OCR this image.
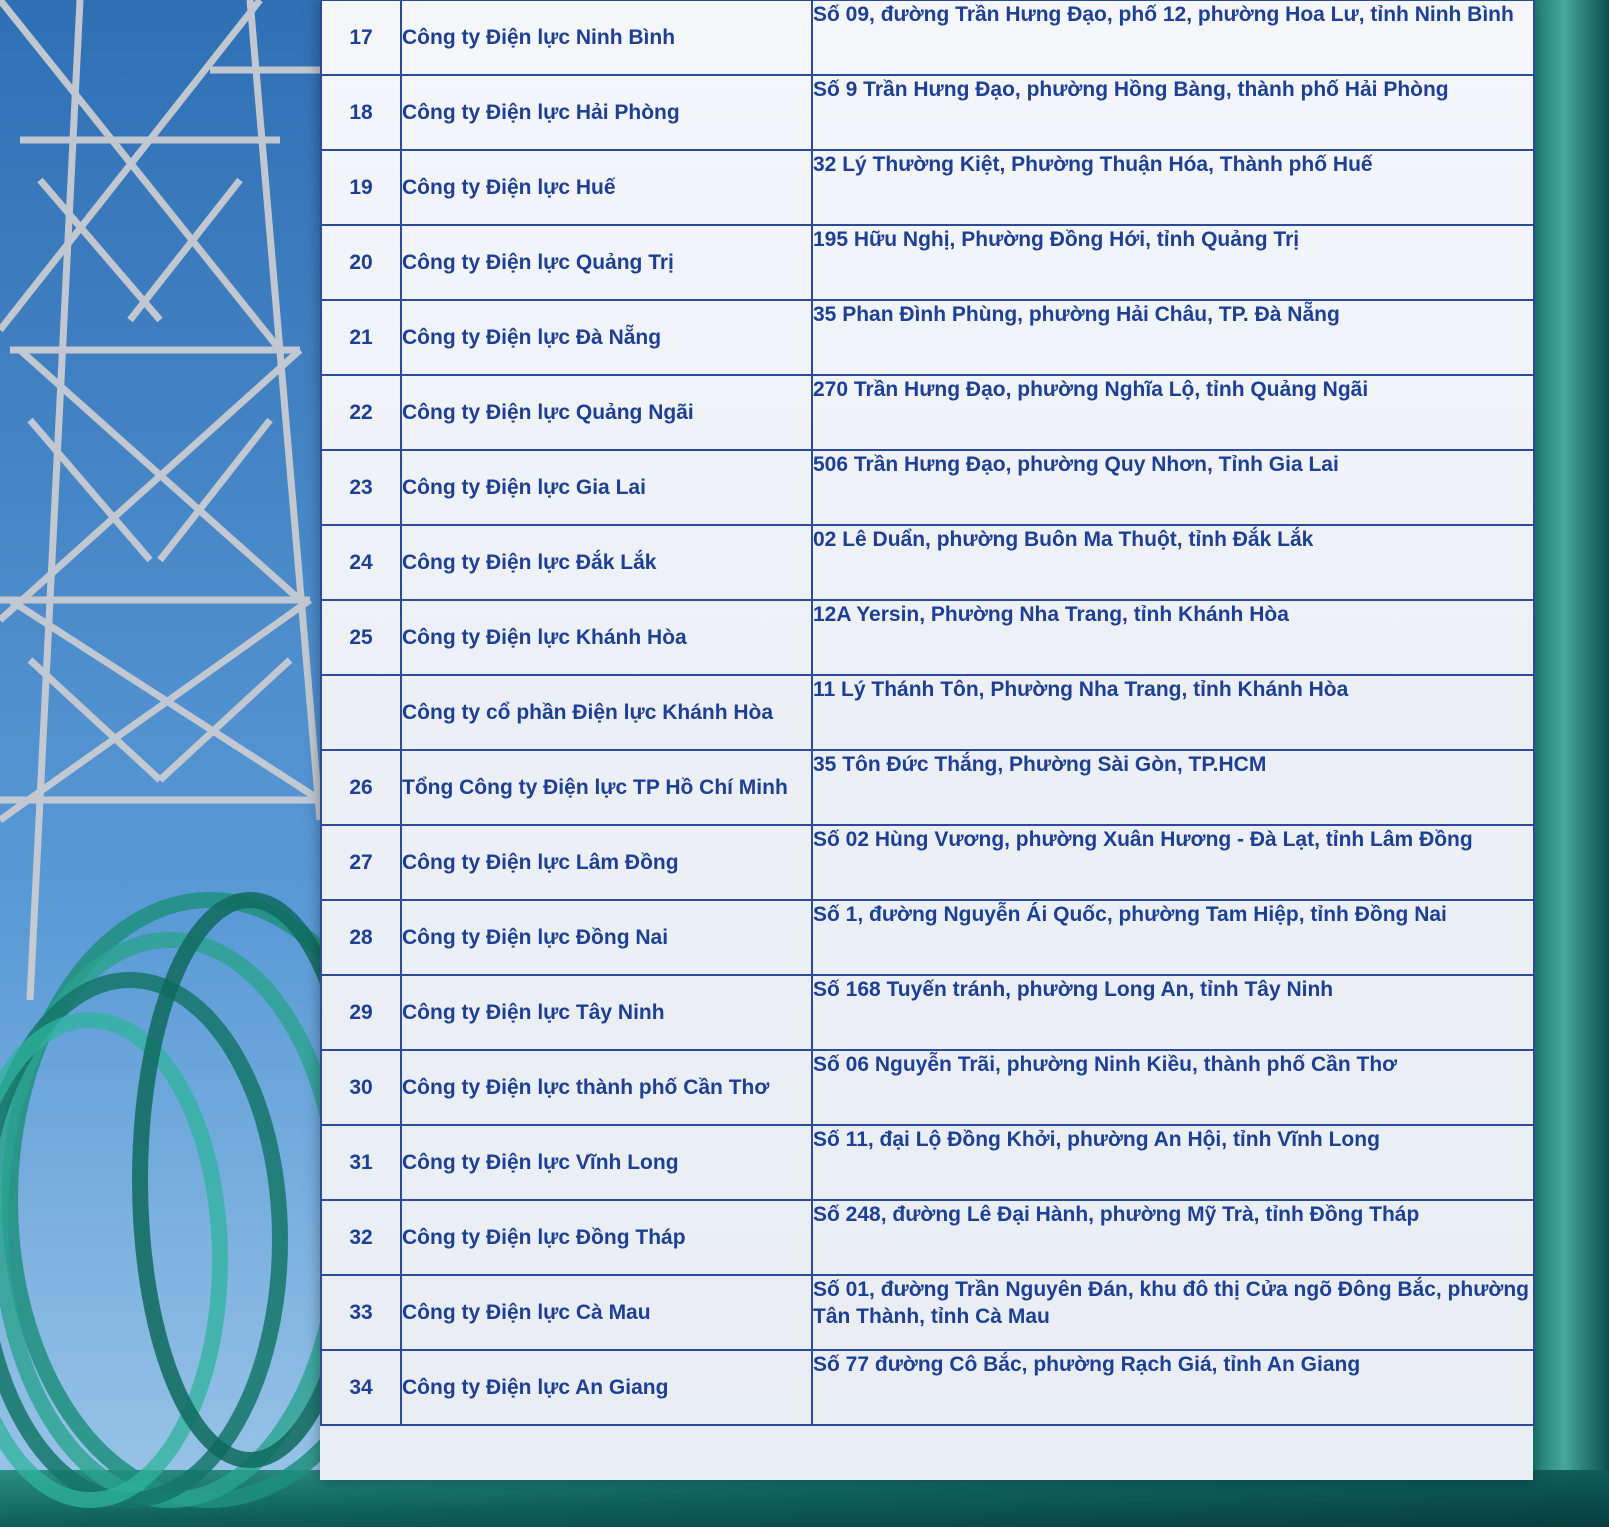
17	Công ty Điện lực Ninh Bình	Số 09, đường Trần Hưng Đạo, phố 12, phường Hoa Lư, tỉnh Ninh Bình
18	Công ty Điện lực Hải Phòng	Số 9 Trần Hưng Đạo, phường Hồng Bàng, thành phố Hải Phòng
19	Công ty Điện lực Huế	32 Lý Thường Kiệt, Phường Thuận Hóa, Thành phố Huế
20	Công ty Điện lực Quảng Trị	195 Hữu Nghị, Phường Đồng Hới, tỉnh Quảng Trị
21	Công ty Điện lực Đà Nẵng	35 Phan Đình Phùng, phường Hải Châu, TP. Đà Nẵng
22	Công ty Điện lực Quảng Ngãi	270 Trần Hưng Đạo, phường Nghĩa Lộ, tỉnh Quảng Ngãi
23	Công ty Điện lực Gia Lai	506 Trần Hưng Đạo, phường Quy Nhơn, Tỉnh Gia Lai
24	Công ty Điện lực Đắk Lắk	02 Lê Duẩn, phường Buôn Ma Thuột, tỉnh Đắk Lắk
25	Công ty Điện lực Khánh Hòa	12A Yersin, Phường Nha Trang, tỉnh Khánh Hòa
	Công ty cổ phần Điện lực Khánh Hòa	11 Lý Thánh Tôn, Phường Nha Trang, tỉnh Khánh Hòa
26	Tổng Công ty Điện lực TP Hồ Chí Minh	35 Tôn Đức Thắng, Phường Sài Gòn, TP.HCM
27	Công ty Điện lực Lâm Đồng	Số 02 Hùng Vương, phường Xuân Hương - Đà Lạt, tỉnh Lâm Đồng
28	Công ty Điện lực Đồng Nai	Số 1, đường Nguyễn Ái Quốc, phường Tam Hiệp, tỉnh Đồng Nai
29	Công ty Điện lực Tây Ninh	Số 168 Tuyến tránh, phường Long An, tỉnh Tây Ninh
30	Công ty Điện lực thành phố Cần Thơ	Số 06 Nguyễn Trãi, phường Ninh Kiều, thành phố Cần Thơ
31	Công ty Điện lực Vĩnh Long	Số 11, đại Lộ Đồng Khởi, phường An Hội, tỉnh Vĩnh Long
32	Công ty Điện lực Đồng Tháp	Số 248, đường Lê Đại Hành, phường Mỹ Trà, tỉnh Đồng Tháp
33	Công ty Điện lực Cà Mau	Số 01, đường Trần Nguyên Đán, khu đô thị Cửa ngõ Đông Bắc, phường Tân Thành, tỉnh Cà Mau
34	Công ty Điện lực An Giang	Số 77 đường Cô Bắc, phường Rạch Giá, tỉnh An Giang
